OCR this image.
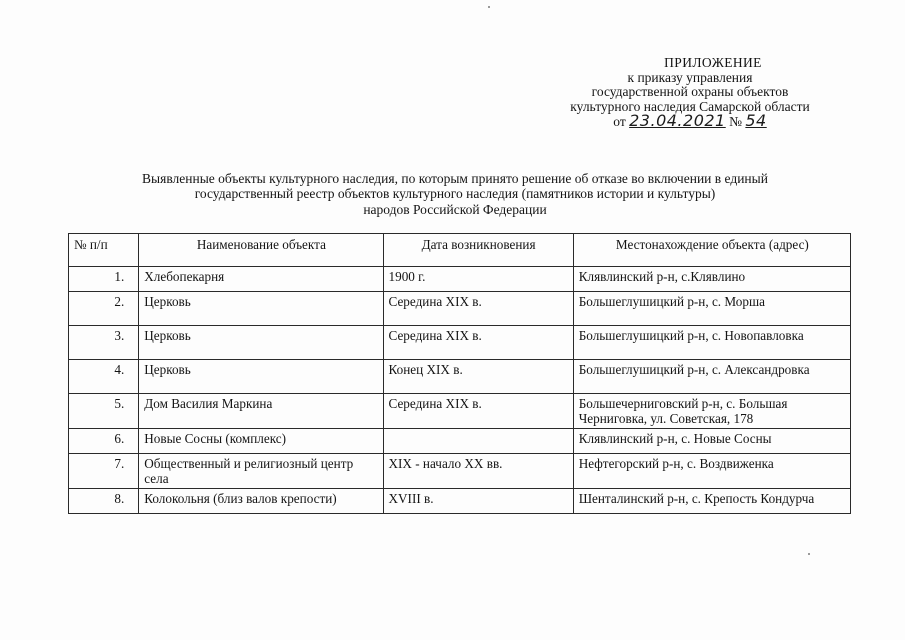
ПРИЛОЖЕНИЕ
к приказу управления
государственной охраны объектов
культурного наследия Самарской области
от 23.04.2021 № 54
Выявленные объекты культурного наследия, по которым принято решение об отказе во включении в единый
государственный реестр объектов культурного наследия (памятников истории и культуры)
народов Российской Федерации
№ п/п	Наименование объекта	Дата возникновения	Местонахождение объекта (адрес)
1.	Хлебопекарня	1900 г.	Клявлинский р-н, с.Клявлино
2.	Церковь	Середина XIX в.	Большеглушицкий р-н, с. Морша
3.	Церковь	Середина XIX в.	Большеглушицкий р-н, с. Новопавловка
4.	Церковь	Конец XIX в.	Большеглушицкий р-н, с. Александровка
5.	Дом Василия Маркина	Середина XIX в.	Большечерниговский р-н, с. Большая Черниговка, ул. Советская, 178
6.	Новые Сосны (комплекс)		Клявлинский р-н, с. Новые Сосны
7.	Общественный и религиозный центр села	XIX - начало XX вв.	Нефтегорский р-н, с. Воздвиженка
8.	Колокольня (близ валов крепости)	XVIII в.	Шенталинский р-н, с. Крепость Кондурча
